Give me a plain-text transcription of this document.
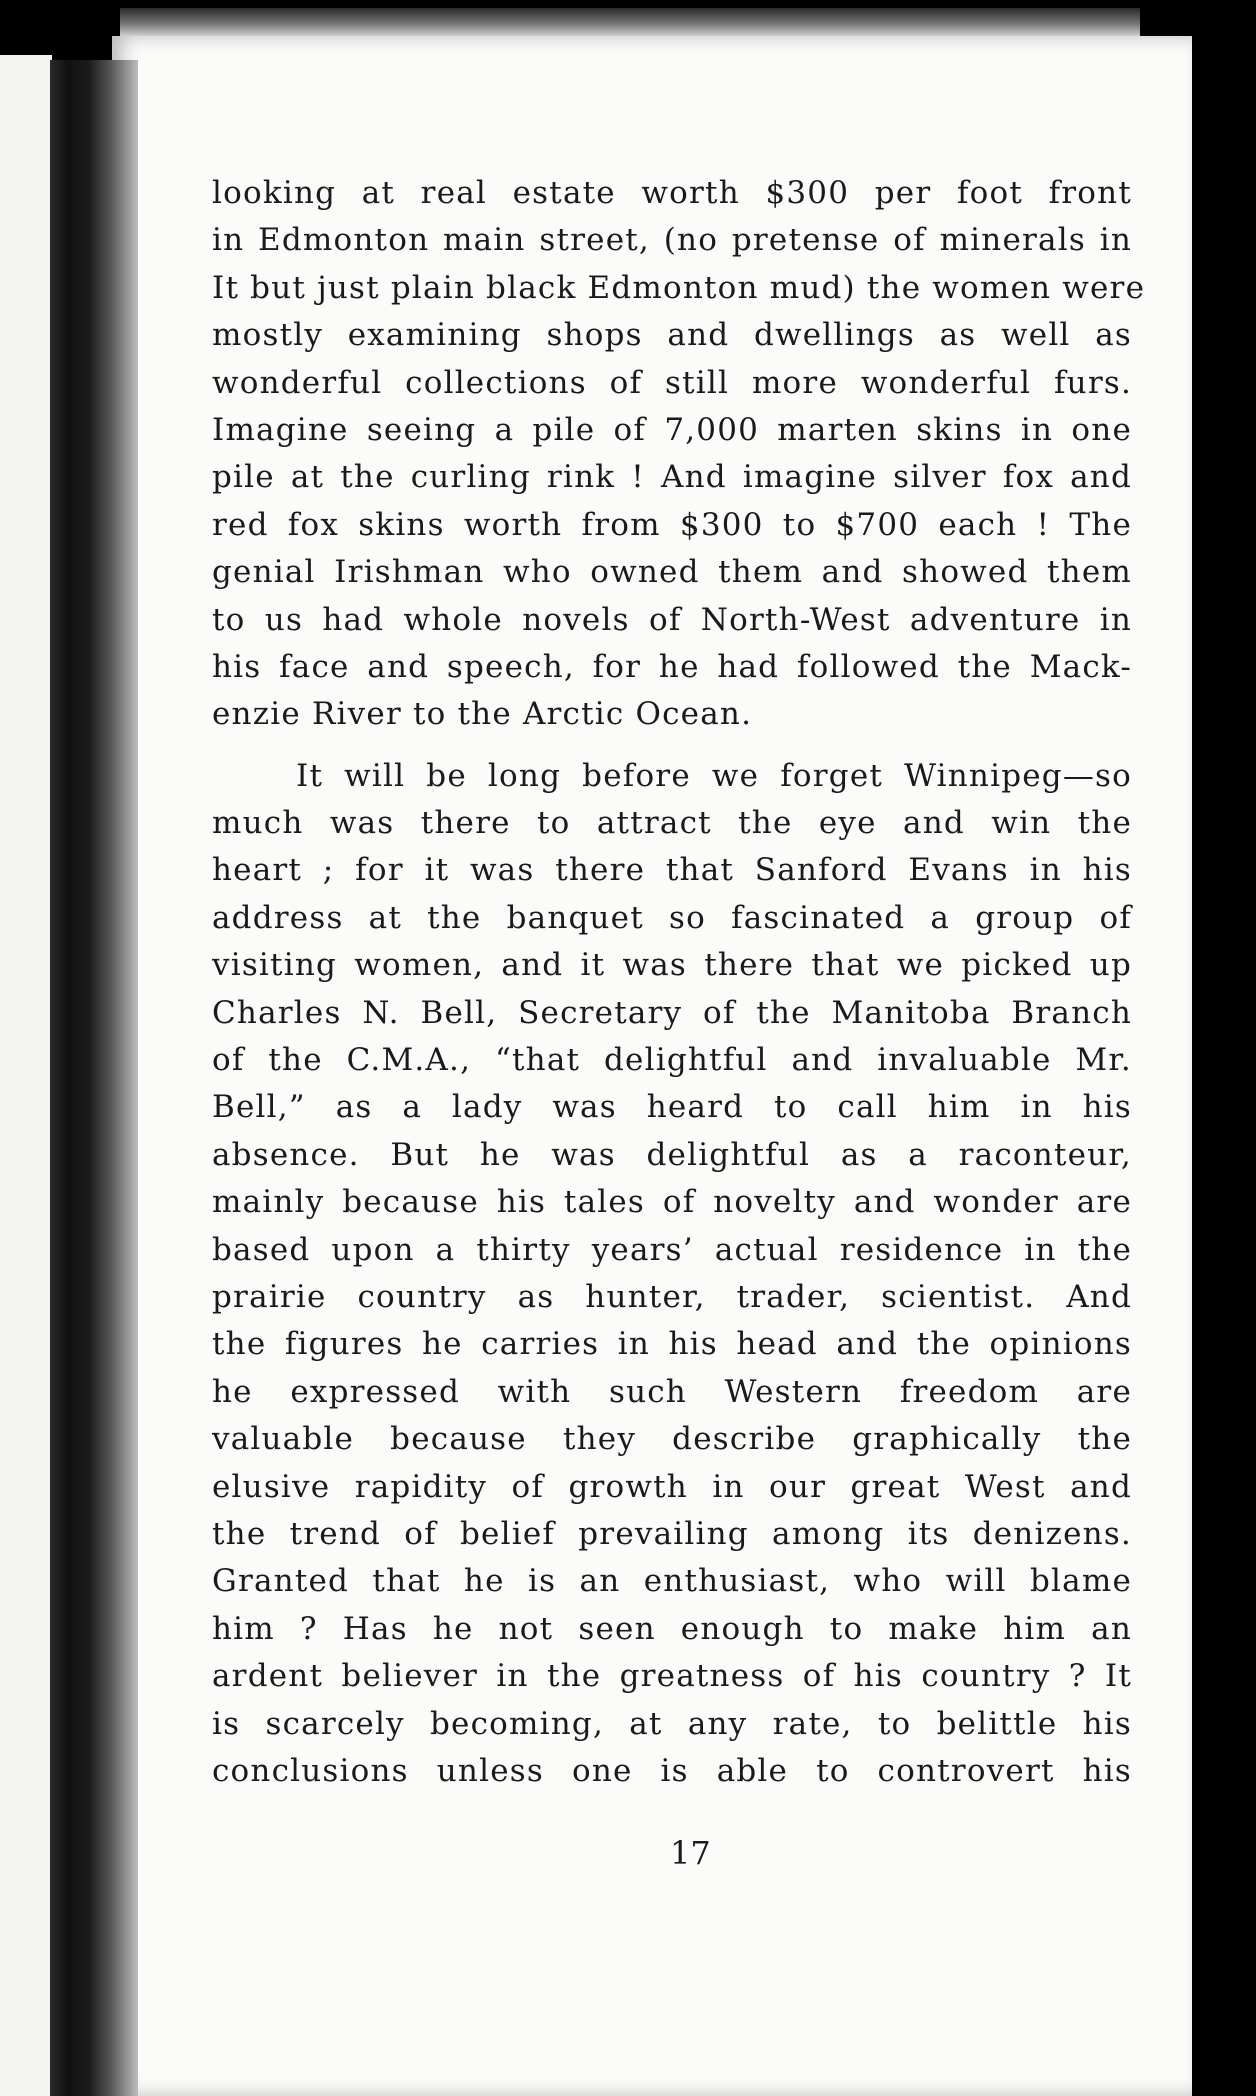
looking at real estate worth $300 per foot front
in Edmonton main street, (no pretense of minerals in
It but just plain black Edmonton mud) the women were
mostly examining shops and dwellings as well as
wonderful collections of still more wonderful furs.
Imagine seeing a pile of 7,000 marten skins in one
pile at the curling rink ! And imagine silver fox and
red fox skins worth from $300 to $700 each ! The
genial Irishman who owned them and showed them
to us had whole novels of North-West adventure in
his face and speech, for he had followed the Mack-
enzie River to the Arctic Ocean.
It will be long before we forget Winnipeg—so
much was there to attract the eye and win the
heart ; for it was there that Sanford Evans in his
address at the banquet so fascinated a group of
visiting women, and it was there that we picked up
Charles N. Bell, Secretary of the Manitoba Branch
of the C.M.A., “that delightful and invaluable Mr.
Bell,” as a lady was heard to call him in his
absence. But he was delightful as a raconteur,
mainly because his tales of novelty and wonder are
based upon a thirty years’ actual residence in the
prairie country as hunter, trader, scientist. And
the figures he carries in his head and the opinions
he expressed with such Western freedom are
valuable because they describe graphically the
elusive rapidity of growth in our great West and
the trend of belief prevailing among its denizens.
Granted that he is an enthusiast, who will blame
him ? Has he not seen enough to make him an
ardent believer in the greatness of his country ? It
is scarcely becoming, at any rate, to belittle his
conclusions unless one is able to controvert his
17
